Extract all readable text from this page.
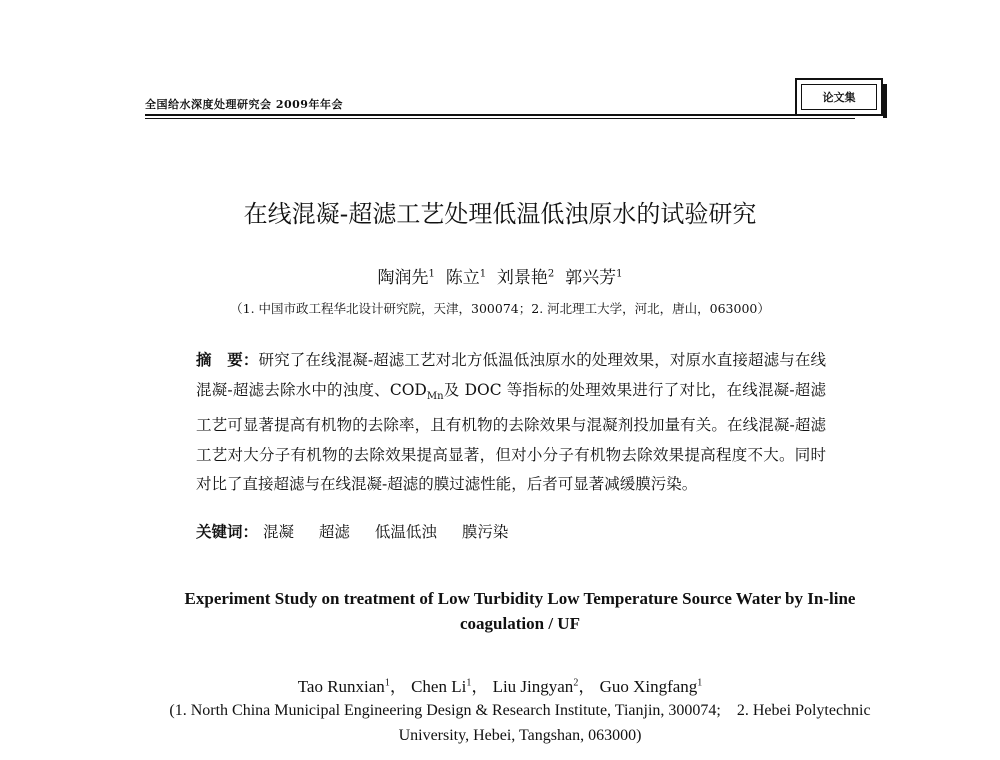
全国给水深度处理研究会 2009年年会
论文集
在线混凝-超滤工艺处理低温低浊原水的试验研究
陶润先$^1$ 陈立$^1$ 刘景艳$^2$ 郭兴芳$^1$
（1. 中国市政工程华北设计研究院，天津，300074；2. 河北理工大学，河北，唐山，063000）
摘　要：研究了在线混凝-超滤工艺对北方低温低浊原水的处理效果，对原水直接超滤与在线混凝-超滤去除水中的浊度、$COD_{Mn}$及 DOC 等指标的处理效果进行了对比，在线混凝-超滤工艺可显著提高有机物的去除率，且有机物的去除效果与混凝剂投加量有关。在线混凝-超滤工艺对大分子有机物的去除效果提高显著，但对小分子有机物去除效果提高程度不大。同时对比了直接超滤与在线混凝-超滤的膜过滤性能，后者可显著减缓膜污染。
关键词： 混凝 超滤 低温低浊 膜污染
Experiment Study on treatment of Low Turbidity Low Temperature Source Water by In-line coagulation / UF
Tao Runxian$^1$， Chen Li$^1$， Liu Jingyan$^2$， Guo Xingfang$^1$
(1. North China Municipal Engineering Design & Research Institute, Tianjin, 300074;　2. Hebei Polytechnic University, Hebei, Tangshan, 063000)
